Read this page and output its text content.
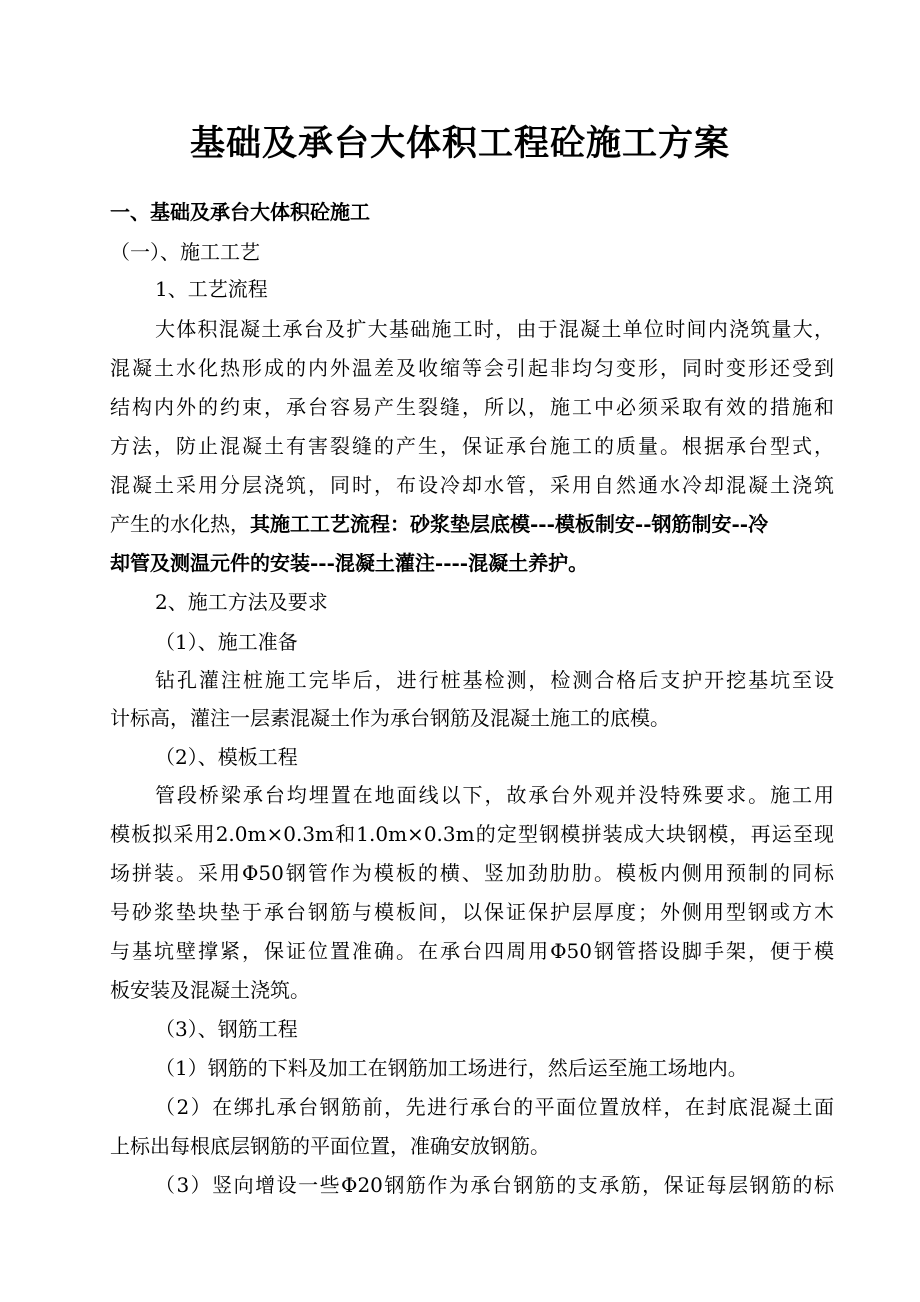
基础及承台大体积工程砼施工方案
一、基础及承台大体积砼施工
（一）、施工工艺
1、工艺流程
大体积混凝土承台及扩大基础施工时，由于混凝土单位时间内浇筑量大，
混凝土水化热形成的内外温差及收缩等会引起非均匀变形，同时变形还受到
结构内外的约束，承台容易产生裂缝，所以，施工中必须采取有效的措施和
方法，防止混凝土有害裂缝的产生，保证承台施工的质量。根据承台型式，
混凝土采用分层浇筑，同时，布设冷却水管，采用自然通水冷却混凝土浇筑
产生的水化热，其施工工艺流程：砂浆垫层底模---模板制安--钢筋制安--冷
却管及测温元件的安装---混凝土灌注----混凝土养护。
2、施工方法及要求
（1）、施工准备
钻孔灌注桩施工完毕后，进行桩基检测，检测合格后支护开挖基坑至设
计标高，灌注一层素混凝土作为承台钢筋及混凝土施工的底模。
（2）、模板工程
管段桥梁承台均埋置在地面线以下，故承台外观并没特殊要求。施工用
模板拟采用2.0m×0.3m和1.0m×0.3m的定型钢模拼装成大块钢模，再运至现
场拼装。采用Φ50钢管作为模板的横、竖加劲肋肋。模板内侧用预制的同标
号砂浆垫块垫于承台钢筋与模板间，以保证保护层厚度；外侧用型钢或方木
与基坑壁撑紧，保证位置准确。在承台四周用Φ50钢管搭设脚手架，便于模
板安装及混凝土浇筑。
（3）、钢筋工程
（1）钢筋的下料及加工在钢筋加工场进行，然后运至施工场地内。
（2）在绑扎承台钢筋前，先进行承台的平面位置放样，在封底混凝土面
上标出每根底层钢筋的平面位置，准确安放钢筋。
（3）竖向增设一些Φ20钢筋作为承台钢筋的支承筋，保证每层钢筋的标
